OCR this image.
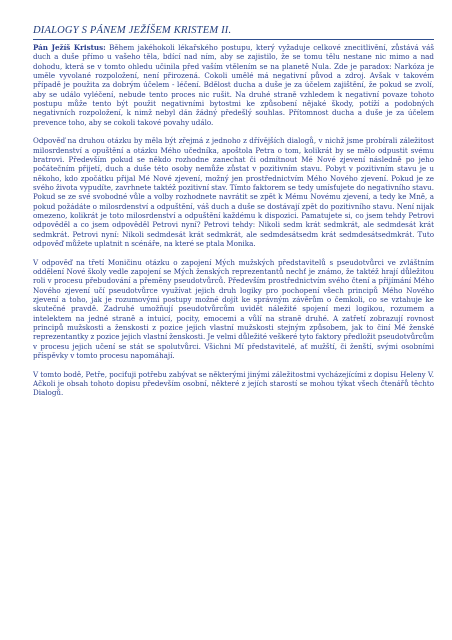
DIALOGY S PÁNEM JEŽÍŠEM KRISTEM II.

Pán Ježíš Kristus: Během jakéhokoli lékařského postupu, který vyžaduje celkové znecitlivění, zůstává váš duch a duše přímo u vašeho těla, bdící nad ním, aby se zajistilo, že se tomu tělu nestane nic mimo a nad dohodu, která se v tomto ohledu učinila před vaším vtělením se na planetě Nula. Zde je paradox: Narkóza je uměle vyvolané rozpoložení, není přirozená. Cokoli umělé má negativní původ a zdroj. Avšak v takovém případě je použita za dobrým účelem - léčení. Bdělost ducha a duše je za účelem zajištění, že pokud se zvolí, aby se událo vyléčení, nebude tento proces nic rušit. Na druhé straně vzhledem k negativní povaze tohoto postupu může tento být použit negativními bytostmi ke způsobení nějaké škody, potíží a podobných negativních rozpoložení, k nimž nebyl dán žádný předešlý souhlas. Přítomnost ducha a duše je za účelem prevence toho, aby se cokoli takové povahy událo.

Odpověď na druhou otázku by měla být zřejmá z jednoho z dřívějších dialogů, v nichž jsme probírali záležitost milosrdenství a opuštění a otázku Mého učedníka, apoštola Petra o tom, kolikrát by se mělo odpustit svému bratrovi. Především pokud se někdo rozhodne zanechat či odmítnout Mé Nové zjevení následně po jeho počátečním přijetí, duch a duše této osoby nemůže zůstat v pozitivním stavu. Pobyt v pozitivním stavu je u někoho, kdo zpočátku přijal Mé Nové zjevení, možný jen prostřednictvím Mého Nového zjevení. Pokud je ze svého života vypudíte, zavrhnete taktéž pozitivní stav. Tímto faktorem se tedy umísťujete do negativního stavu. Pokud se ze své svobodné vůle a volby rozhodnete navrátit se zpět k Mému Novému zjevení, a tedy ke Mně, a pokud požádáte o milosrdenství a odpuštění, váš duch a duše se dostávají zpět do pozitivního stavu. Není nijak omezeno, kolikrát je toto milosrdenství a odpuštění každému k dispozici. Pamatujete si, co jsem tehdy Petrovi odpověděl a co jsem odpověděl Petrovi nyní? Petrovi tehdy: Nikoli sedm krát sedmkrát, ale sedmdesát krát sedmkrát. Petrovi nyní: Nikoli sedmdesát krát sedmkrát, ale sedmdesátsedm krát sedmdesátsedmkrát. Tuto odpověď můžete uplatnit n scénáře, na které se ptala Monika.

V odpověď na třetí Moničinu otázku o zapojení Mých mužských představitelů s pseudotvůrci ve zvláštním oddělení Nové školy vedle zapojení se Mých ženských reprezentantů nechť je známo, že taktéž hrají důležitou roli v procesu přebudování a přeměny pseudotvůrců. Především prostřednictvím svého čtení a přijímání Mého Nového zjevení učí pseudotvůrce využívat jejich druh logiky pro pochopení všech principů Mého Nového zjevení a toho, jak je rozumovými postupy možné dojít ke správným závěrům o čemkoli, co se vztahuje ke skutečné pravdě. Zadruhé umožňují pseudotvůrcům uvidět náležité spojení mezi logikou, rozumem a intelektem na jedné straně a intuicí, pocity, emocemi a vůlí na straně druhé. A zatřetí zobrazují rovnost principů mužskosti a ženskosti z pozice jejich vlastní mužskosti stejným způsobem, jak to činí Mé ženské reprezentantky z pozice jejich vlastní ženskosti. Je velmi důležité veškeré tyto faktory předložit pseudotvůrcům v procesu jejich učení se stát se spolutvůrci. Všichni Mí představitelé, ať mužští, či ženští, svými osobními příspěvky v tomto procesu napomáhají.

V tomto bodě, Petře, pociťuji potřebu zabývat se některými jinými záležitostmi vycházejícími z dopisu Heleny V. Ačkoli je obsah tohoto dopisu především osobní, některé z jejích starostí se mohou týkat všech čtenářů těchto Dialogů.
